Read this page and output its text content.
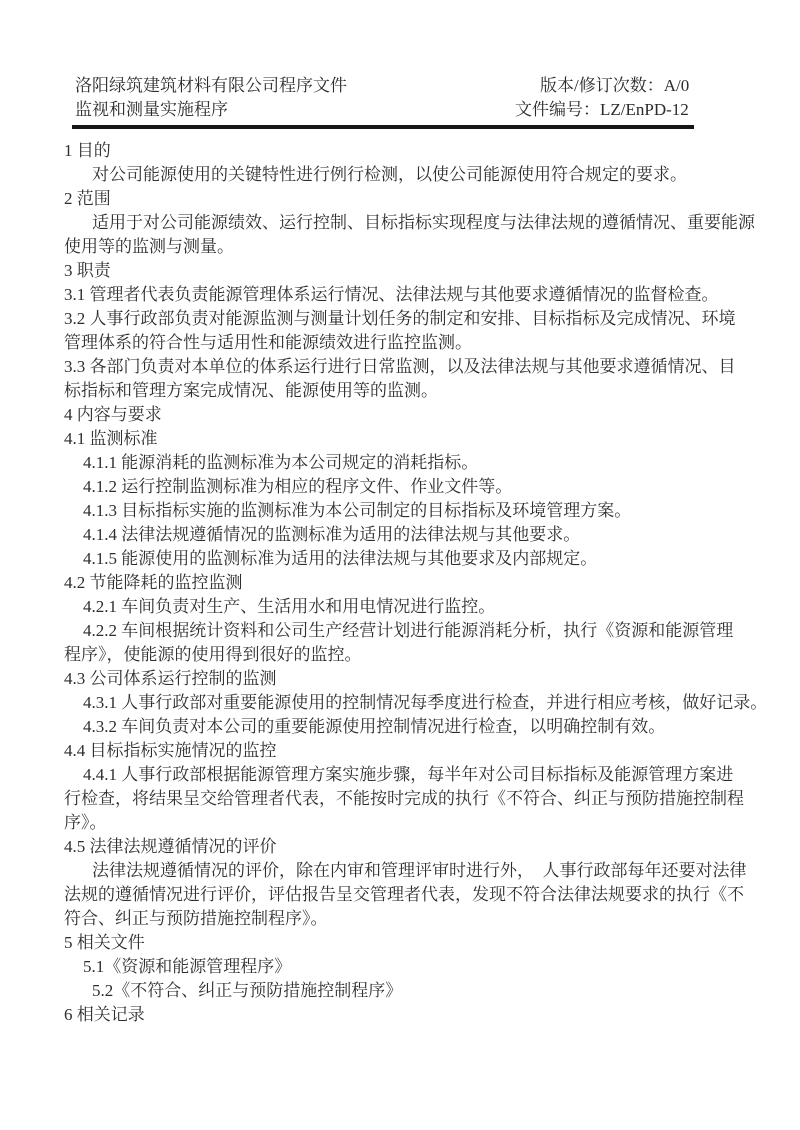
洛阳绿筑建筑材料有限公司程序文件
监视和测量实施程序
版本/修订次数：A/0
文件编号：LZ/EnPD-12
1 目的
对公司能源使用的关键特性进行例行检测，以使公司能源使用符合规定的要求。
2 范围
适用于对公司能源绩效、运行控制、目标指标实现程度与法律法规的遵循情况、重要能源
使用等的监测与测量。
3 职责
3.1 管理者代表负责能源管理体系运行情况、法律法规与其他要求遵循情况的监督检查。
3.2 人事行政部负责对能源监测与测量计划任务的制定和安排、目标指标及完成情况、环境
管理体系的符合性与适用性和能源绩效进行监控监测。
3.3 各部门负责对本单位的体系运行进行日常监测，以及法律法规与其他要求遵循情况、目
标指标和管理方案完成情况、能源使用等的监测。
4 内容与要求
4.1 监测标准
4.1.1 能源消耗的监测标准为本公司规定的消耗指标。
4.1.2 运行控制监测标准为相应的程序文件、作业文件等。
4.1.3 目标指标实施的监测标准为本公司制定的目标指标及环境管理方案。
4.1.4 法律法规遵循情况的监测标准为适用的法律法规与其他要求。
4.1.5 能源使用的监测标准为适用的法律法规与其他要求及内部规定。
4.2 节能降耗的监控监测
4.2.1 车间负责对生产、生活用水和用电情况进行监控。
4.2.2 车间根据统计资料和公司生产经营计划进行能源消耗分析，执行《资源和能源管理
程序》，使能源的使用得到很好的监控。
4.3 公司体系运行控制的监测
4.3.1 人事行政部对重要能源使用的控制情况每季度进行检查，并进行相应考核，做好记录。
4.3.2 车间负责对本公司的重要能源使用控制情况进行检查，以明确控制有效。
4.4 目标指标实施情况的监控
4.4.1 人事行政部根据能源管理方案实施步骤，每半年对公司目标指标及能源管理方案进
行检查，将结果呈交给管理者代表，不能按时完成的执行《不符合、纠正与预防措施控制程
序》。
4.5 法律法规遵循情况的评价
法律法规遵循情况的评价，除在内审和管理评审时进行外，　人事行政部每年还要对法律
法规的遵循情况进行评价，评估报告呈交管理者代表，发现不符合法律法规要求的执行《不
符合、纠正与预防措施控制程序》。
5 相关文件
5.1《资源和能源管理程序》
5.2《不符合、纠正与预防措施控制程序》
6 相关记录
